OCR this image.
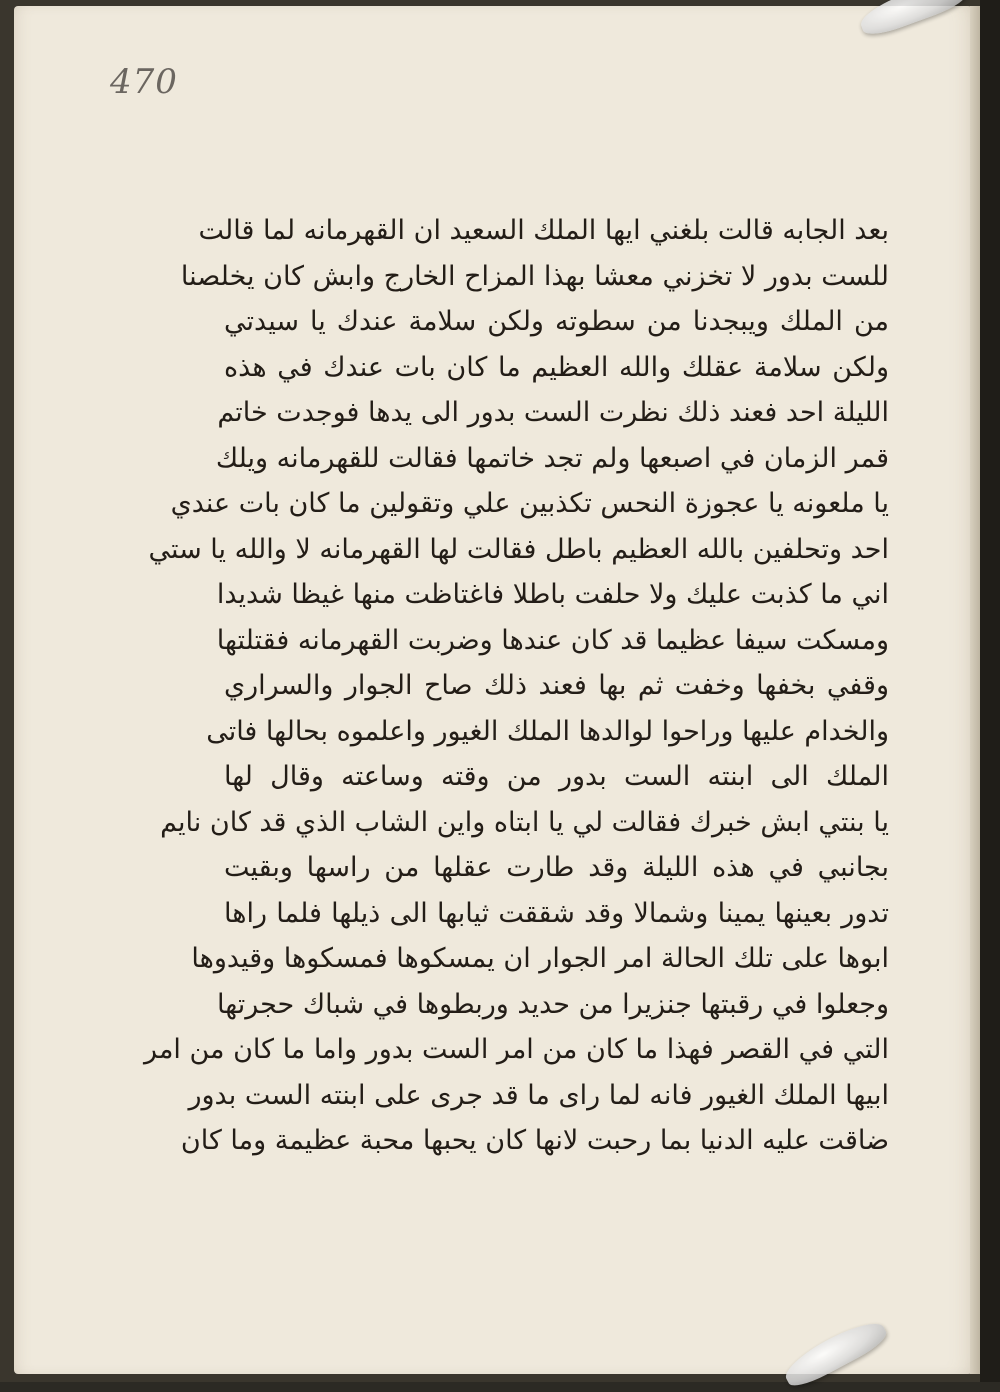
470
بعد الجابه قالت بلغني ايها الملك السعيد ان القهرمانه لما قالت
للست بدور لا تخزني معشا بهذا المزاح الخارج وابش كان يخلصنا
من الملك ويبجدنا من سطوته ولكن سلامة عندك يا سيدتي
ولكن سلامة عقلك والله العظيم ما كان بات عندك في هذه
الليلة احد فعند ذلك نظرت الست بدور الى يدها فوجدت خاتم
قمر الزمان في اصبعها ولم تجد خاتمها فقالت للقهرمانه ويلك
يا ملعونه يا عجوزة النحس تكذبين علي وتقولين ما كان بات عندي
احد وتحلفين بالله العظيم باطل فقالت لها القهرمانه لا والله يا ستي
اني ما كذبت عليك ولا حلفت باطلا فاغتاظت منها غيظا شديدا
ومسكت سيفا عظيما قد كان عندها وضربت القهرمانه فقتلتها
وقفي بخفها وخفت ثم بها فعند ذلك صاح الجوار والسراري
والخدام عليها وراحوا لوالدها الملك الغيور واعلموه بحالها فاتى
الملك الى ابنته الست بدور من وقته وساعته وقال لها
يا بنتي ابش خبرك فقالت لي يا ابتاه واين الشاب الذي قد كان نايم
بجانبي في هذه الليلة وقد طارت عقلها من راسها وبقيت
تدور بعينها يمينا وشمالا وقد شققت ثيابها الى ذيلها فلما راها
ابوها على تلك الحالة امر الجوار ان يمسكوها فمسكوها وقيدوها
وجعلوا في رقبتها جنزيرا من حديد وربطوها في شباك حجرتها
التي في القصر فهذا ما كان من امر الست بدور واما ما كان من امر
ابيها الملك الغيور فانه لما راى ما قد جرى على ابنته الست بدور
ضاقت عليه الدنيا بما رحبت لانها كان يحبها محبة عظيمة وما كان
